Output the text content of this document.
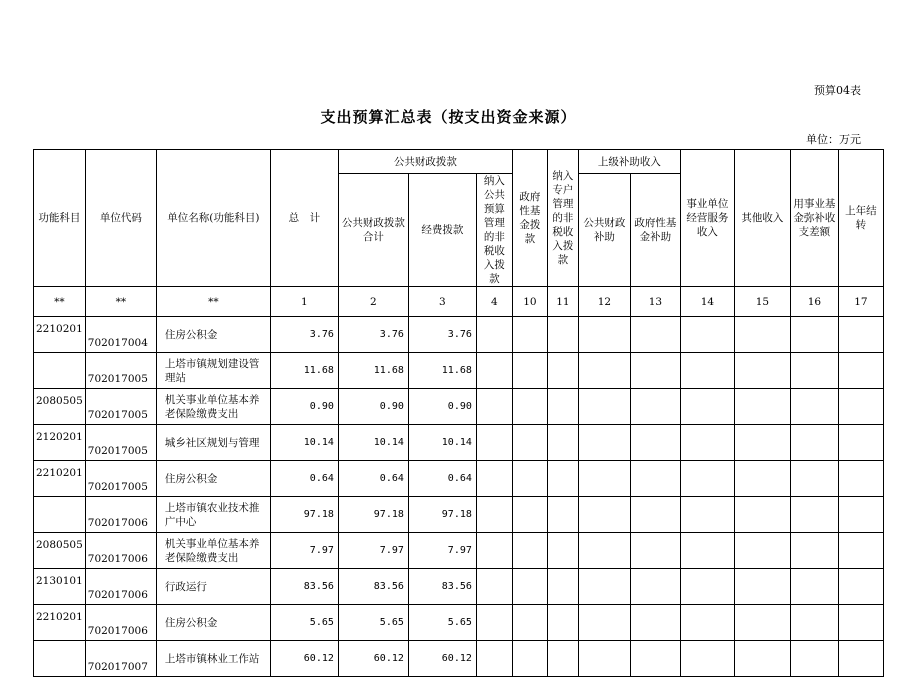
预算04表
支出预算汇总表（按支出资金来源）
单位：万元
功能科目	单位代码	单位名称(功能科目)	总　计	公共财政拨款			政府性基金拨款	纳入专户管理的非税收入拨款	上级补助收入		事业单位经营服务收入	其他收入	用事业基金弥补收支差额	上年结转
				公共财政拨款合计	经费拨款	纳入公共预算管理的非税收入拨款			公共财政补助	政府性基金补助				
**	**	**	1	2	3	4	10	11	12	13	14	15	16	17
2210201	702017004	住房公积金	3.76	3.76	3.76									
	702017005	上塔市镇规划建设管理站	11.68	11.68	11.68									
2080505	702017005	机关事业单位基本养老保险缴费支出	0.90	0.90	0.90									
2120201	702017005	城乡社区规划与管理	10.14	10.14	10.14									
2210201	702017005	住房公积金	0.64	0.64	0.64									
	702017006	上塔市镇农业技术推广中心	97.18	97.18	97.18									
2080505	702017006	机关事业单位基本养老保险缴费支出	7.97	7.97	7.97									
2130101	702017006	行政运行	83.56	83.56	83.56									
2210201	702017006	住房公积金	5.65	5.65	5.65									
	702017007	上塔市镇林业工作站	60.12	60.12	60.12									
